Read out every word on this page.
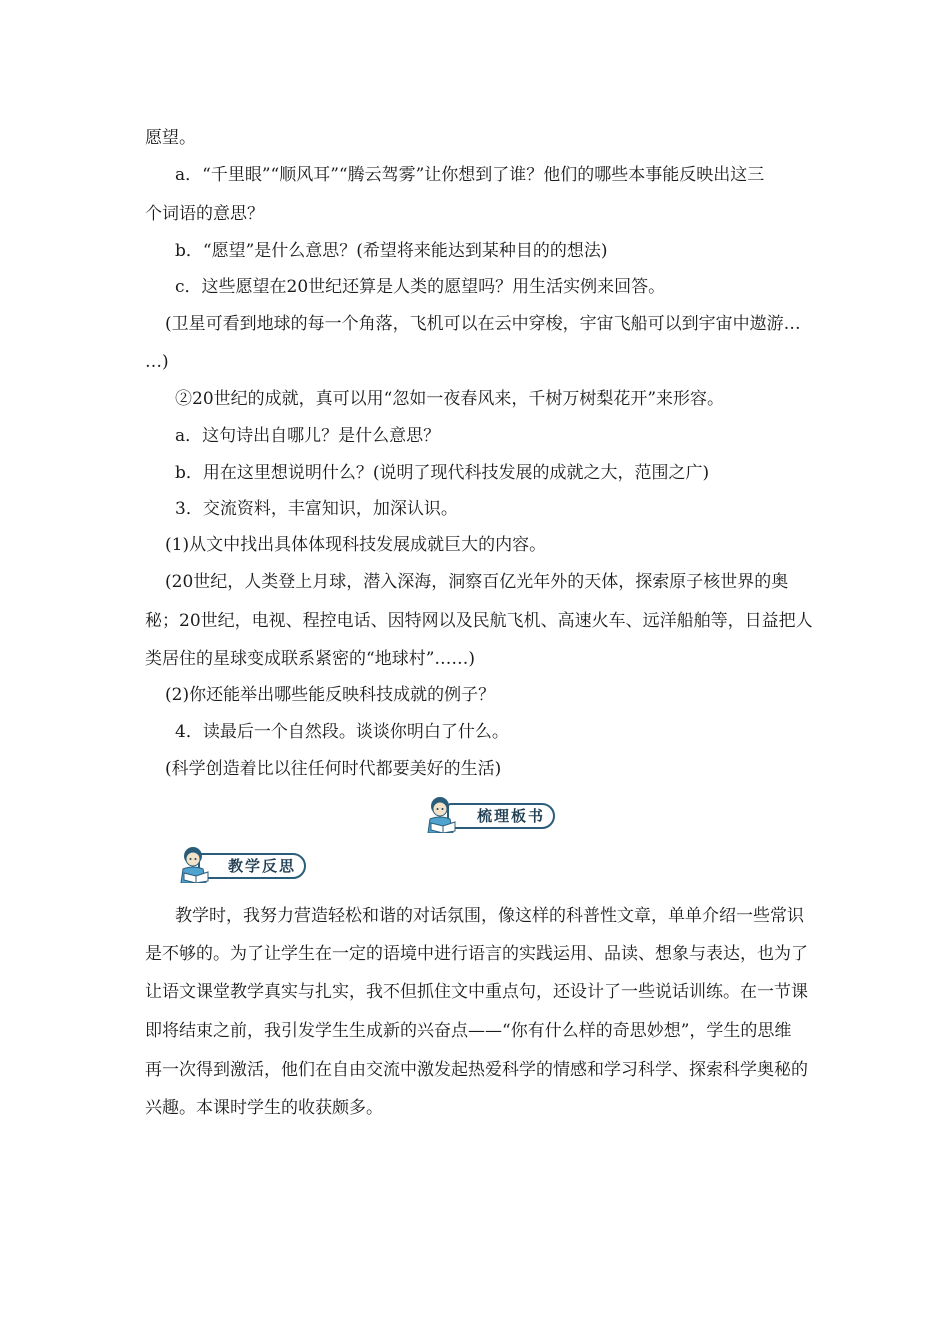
愿望。
a．“千里眼”“顺风耳”“腾云驾雾”让你想到了谁？他们的哪些本事能反映出这三
个词语的意思？
b．“愿望”是什么意思？(希望将来能达到某种目的的想法)
c．这些愿望在20世纪还算是人类的愿望吗？用生活实例来回答。
(卫星可看到地球的每一个角落，飞机可以在云中穿梭，宇宙飞船可以到宇宙中遨游…
…)
②20世纪的成就，真可以用“忽如一夜春风来，千树万树梨花开”来形容。
a．这句诗出自哪儿？是什么意思？
b．用在这里想说明什么？(说明了现代科技发展的成就之大，范围之广)
3．交流资料，丰富知识，加深认识。
(1)从文中找出具体体现科技发展成就巨大的内容。
(20世纪，人类登上月球，潜入深海，洞察百亿光年外的天体，探索原子核世界的奥
秘；20世纪，电视、程控电话、因特网以及民航飞机、高速火车、远洋船舶等，日益把人
类居住的星球变成联系紧密的“地球村”……)
(2)你还能举出哪些能反映科技成就的例子？
4．读最后一个自然段。谈谈你明白了什么。
(科学创造着比以往任何时代都要美好的生活)
梳理板书
教学反思
教学时，我努力营造轻松和谐的对话氛围，像这样的科普性文章，单单介绍一些常识
是不够的。为了让学生在一定的语境中进行语言的实践运用、品读、想象与表达，也为了
让语文课堂教学真实与扎实，我不但抓住文中重点句，还设计了一些说话训练。在一节课
即将结束之前，我引发学生生成新的兴奋点——“你有什么样的奇思妙想”，学生的思维
再一次得到激活，他们在自由交流中激发起热爱科学的情感和学习科学、探索科学奥秘的
兴趣。本课时学生的收获颇多。
